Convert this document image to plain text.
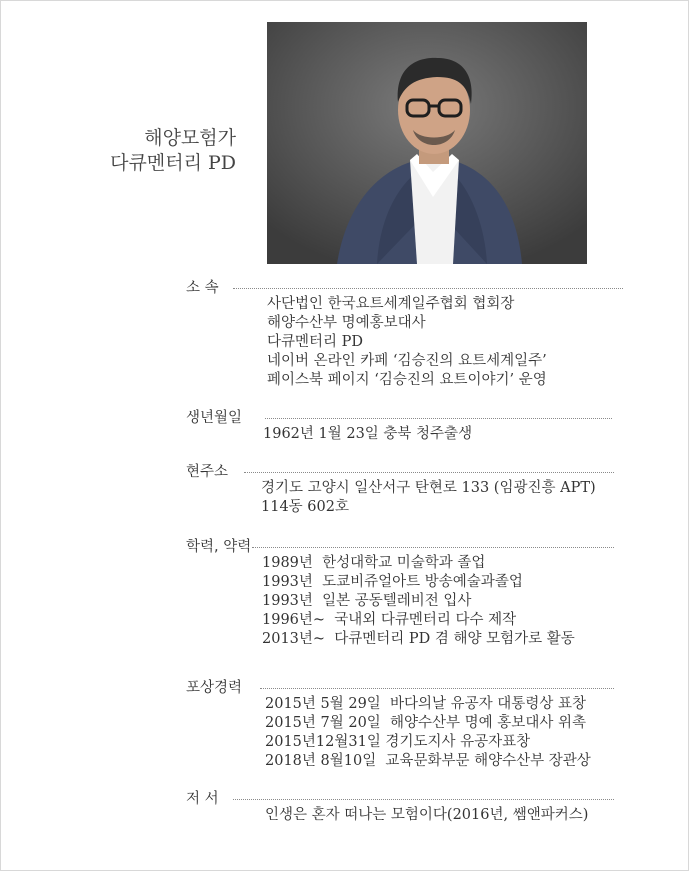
해양모험가
다큐멘터리 PD
소 속
사단법인 한국요트세계일주협회 협회장
해양수산부 명예홍보대사
다큐멘터리 PD
네이버 온라인 카페 ‘김승진의 요트세계일주’
페이스북 페이지 ‘김승진의 요트이야기’ 운영
생년월일
1962년 1월 23일 충북 청주출생
현주소
경기도 고양시 일산서구 탄현로 133 (임광진흥 APT)
114동 602호
학력, 약력
1989년  한성대학교 미술학과 졸업
1993년  도쿄비쥬얼아트 방송예술과졸업
1993년  일본 공동텔레비전 입사
1996년~  국내외 다큐멘터리 다수 제작
2013년~  다큐멘터리 PD 겸 해양 모험가로 활동
포상경력
2015년 5월 29일  바다의날 유공자 대통령상 표창
2015년 7월 20일  해양수산부 명예 홍보대사 위촉
2015년12월31일 경기도지사 유공자표창
2018년 8월10일  교육문화부문 해양수산부 장관상
저 서
인생은 혼자 떠나는 모험이다(2016년, 쌤앤파커스)
